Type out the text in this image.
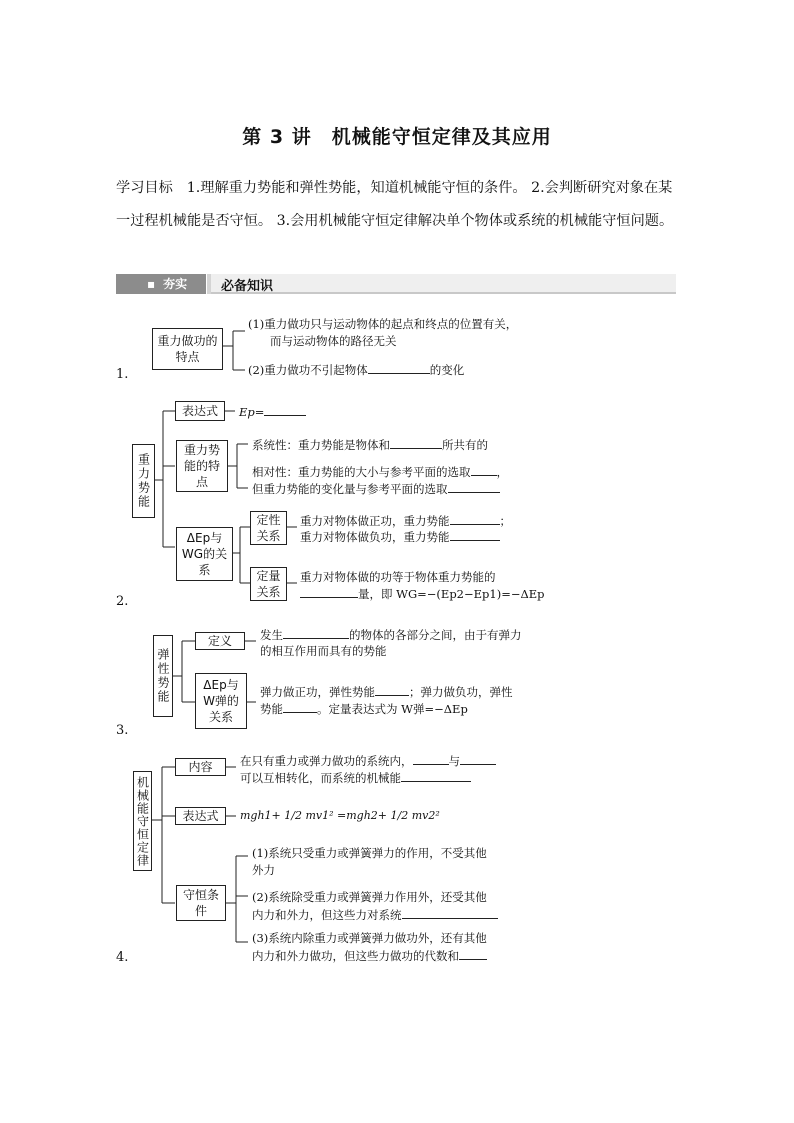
第 3 讲　机械能守恒定律及其应用
学习目标 1.理解重力势能和弹性势能，知道机械能守恒的条件。 2.会判断研究对象在某一过程机械能是否守恒。 3.会用机械能守恒定律解决单个物体或系统的机械能守恒问题。
▪ 夯实	必备知识
1.
重力做功的特点
(1)重力做功只与运动物体的起点和终点的位置有关，
而与运动物体的路径无关
(2)重力做功不引起物体	的变化
2.
重力势能
表达式	Ep=
重力势能的特点
系统性：重力势能是物体和	所共有的
相对性：重力势能的大小与参考平面的选取 ，
但重力势能的变化量与参考平面的选取
ΔEp与WG的关系
定性关系
重力对物体做正功，重力势能	；
重力对物体做负功，重力势能
定量关系
重力对物体做的功等于物体重力势能的
量，即 WG=−(Ep2−Ep1)=−ΔEp
3.
弹性势能
定义	发生	的物体的各部分之间，由于有弹力
的相互作用而具有的势能
ΔEp与W弹的关系
弹力做正功，弹性势能	；弹力做负功，弹性
势能	。定量表达式为 W弹=−ΔEp
4.
机械能守恒定律
内容	在只有重力或弹力做功的系统内，	与
可以互相转化，而系统的机械能
表达式	mgh1+ 1/2 mv1² =mgh2+ 1/2 mv2²
守恒条件
(1)系统只受重力或弹簧弹力的作用，不受其他
外力
(2)系统除受重力或弹簧弹力作用外，还受其他
内力和外力，但这些力对系统
(3)系统内除重力或弹簧弹力做功外，还有其他
内力和外力做功，但这些力做功的代数和
